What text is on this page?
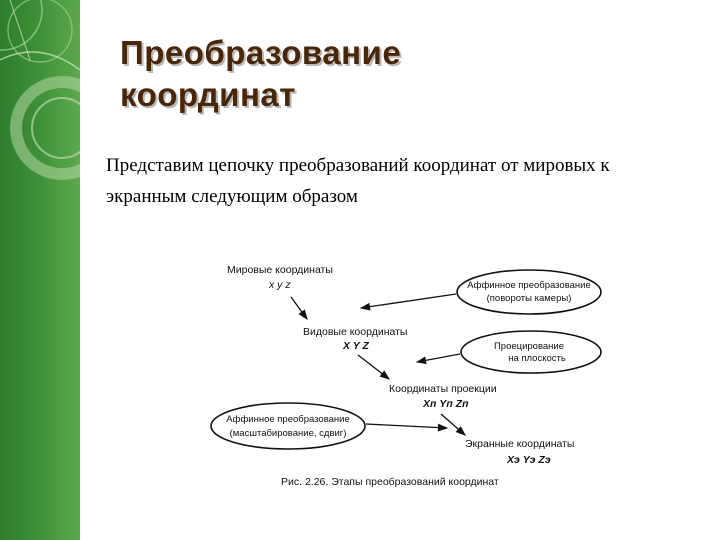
Преобразование
координат

Представим цепочку преобразований координат от мировых к экранным следующим образом

Мировые координаты
x y z	Аффинное преобразование
(повороты камеры)
Видовые координаты
X Y Z	Проецирование
на плоскость
Координаты проекции
Xп Yп Zп
Аффинное преобразование
(масштабирование, сдвиг)
Экранные координаты
Xэ Yэ Zэ
Рис. 2.26. Этапы преобразований координат
